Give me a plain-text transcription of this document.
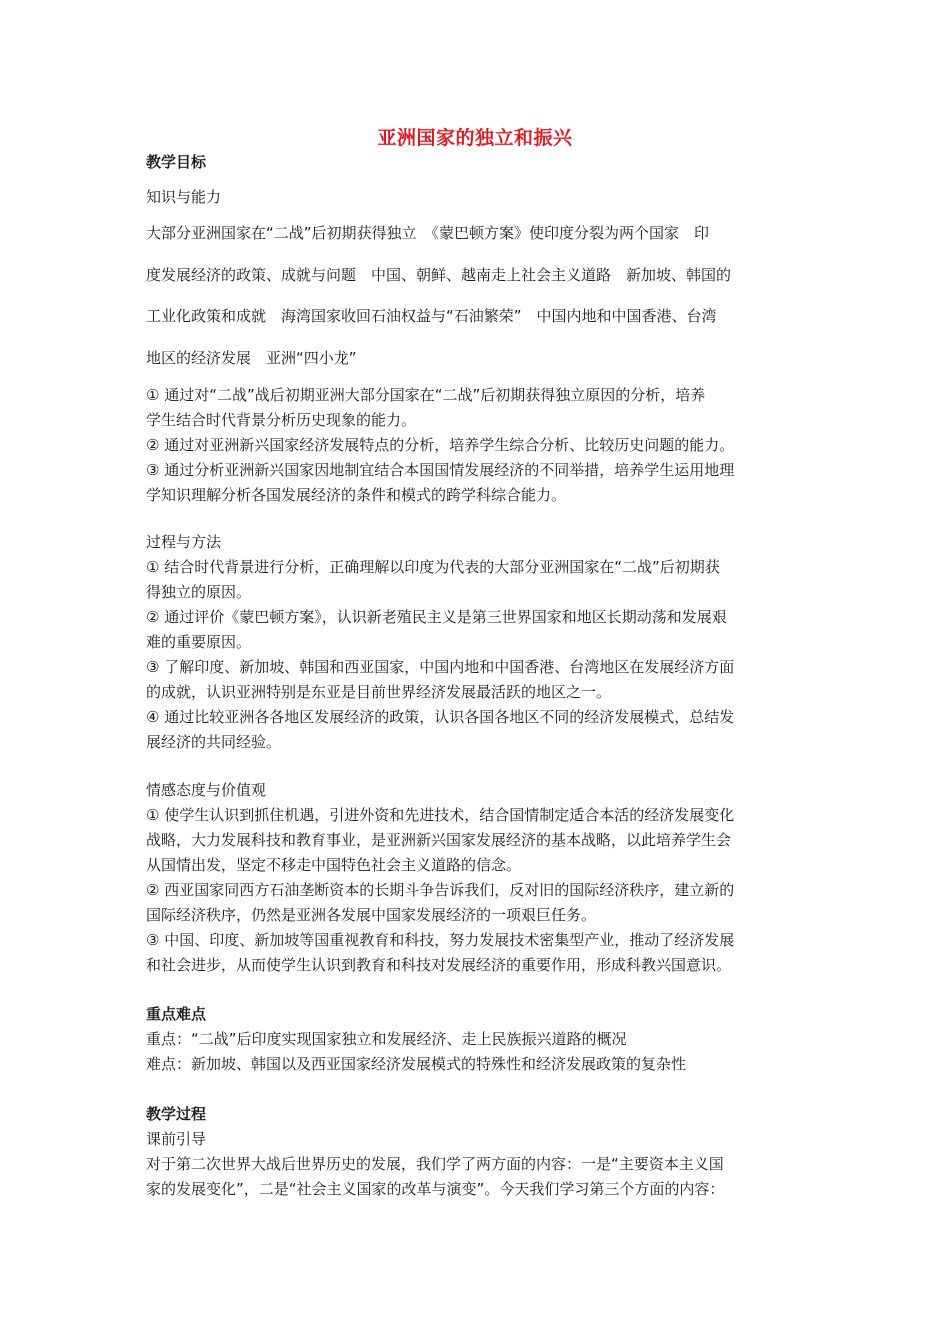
亚洲国家的独立和振兴
教学目标
知识与能力
大部分亚洲国家在“二战”后初期获得独立　《蒙巴顿方案》使印度分裂为两个国家　印
度发展经济的政策、成就与问题　中国、朝鲜、越南走上社会主义道路　新加坡、韩国的
工业化政策和成就　海湾国家收回石油权益与“石油繁荣”　中国内地和中国香港、台湾
地区的经济发展　亚洲“四小龙”
① 通过对“二战”战后初期亚洲大部分国家在“二战”后初期获得独立原因的分析，培养
学生结合时代背景分析历史现象的能力。
② 通过对亚洲新兴国家经济发展特点的分析，培养学生综合分析、比较历史问题的能力。
③ 通过分析亚洲新兴国家因地制宜结合本国国情发展经济的不同举措，培养学生运用地理
学知识理解分析各国发展经济的条件和模式的跨学科综合能力。
过程与方法
① 结合时代背景进行分析，正确理解以印度为代表的大部分亚洲国家在“二战”后初期获
得独立的原因。
② 通过评价《蒙巴顿方案》，认识新老殖民主义是第三世界国家和地区长期动荡和发展艰
难的重要原因。
③ 了解印度、新加坡、韩国和西亚国家，中国内地和中国香港、台湾地区在发展经济方面
的成就，认识亚洲特别是东亚是目前世界经济发展最活跃的地区之一。
④ 通过比较亚洲各各地区发展经济的政策，认识各国各地区不同的经济发展模式，总结发
展经济的共同经验。
情感态度与价值观
① 使学生认识到抓住机遇，引进外资和先进技术，结合国情制定适合本活的经济发展变化
战略，大力发展科技和教育事业，是亚洲新兴国家发展经济的基本战略，以此培养学生会
从国情出发，坚定不移走中国特色社会主义道路的信念。
② 西亚国家同西方石油垄断资本的长期斗争告诉我们，反对旧的国际经济秩序，建立新的
国际经济秩序，仍然是亚洲各发展中国家发展经济的一项艰巨任务。
③ 中国、印度、新加坡等国重视教育和科技，努力发展技术密集型产业，推动了经济发展
和社会进步，从而使学生认识到教育和科技对发展经济的重要作用，形成科教兴国意识。
重点难点
重点：“二战”后印度实现国家独立和发展经济、走上民族振兴道路的概况
难点：新加坡、韩国以及西亚国家经济发展模式的特殊性和经济发展政策的复杂性
教学过程
课前引导
对于第二次世界大战后世界历史的发展，我们学了两方面的内容：一是“主要资本主义国
家的发展变化”，二是“社会主义国家的改革与演变”。今天我们学习第三个方面的内容：
